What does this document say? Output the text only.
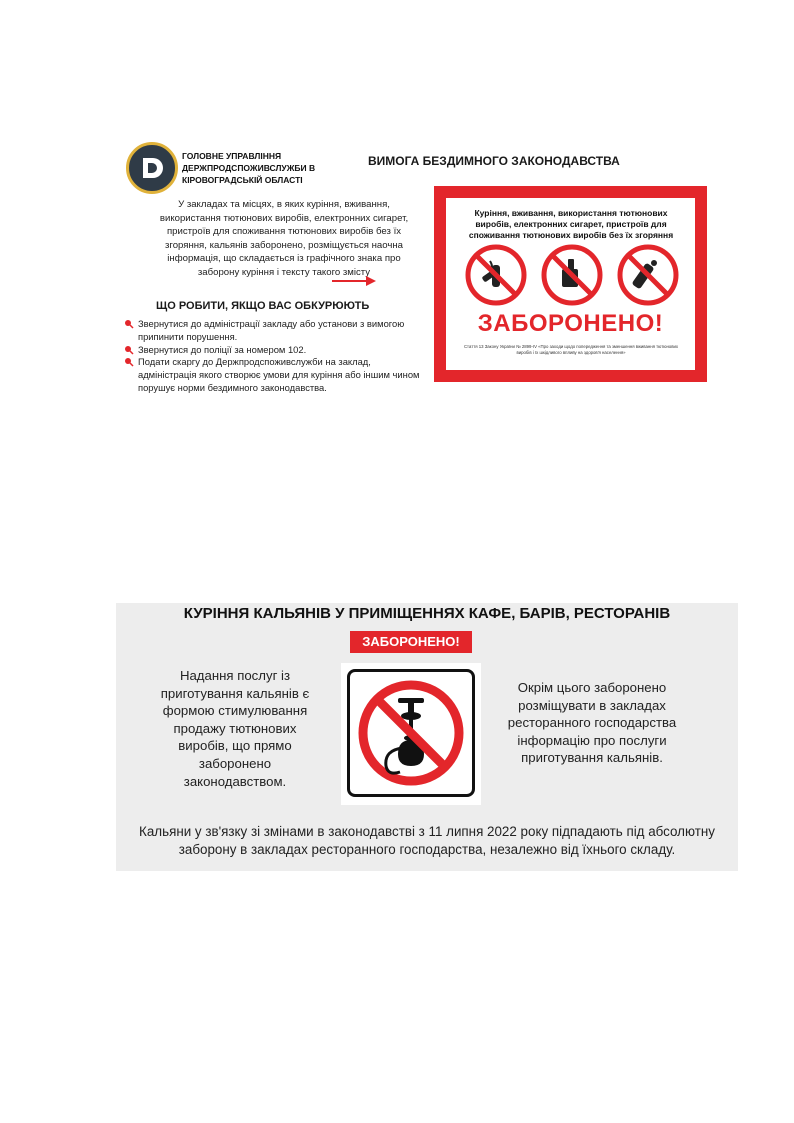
ГОЛОВНЕ УПРАВЛІННЯ ДЕРЖПРОДСПОЖИВСЛУЖБИ В КІРОВОГРАДСЬКІЙ ОБЛАСТІ
ВИМОГА БЕЗДИМНОГО ЗАКОНОДАВСТВА
У закладах та місцях, в яких куріння, вживання, використання тютюнових виробів, електронних сигарет, пристроїв для споживання тютюнових виробів без їх згоряння, кальянів заборонено, розміщується наочна інформація, що складається із графічного знака про заборону куріння і тексту такого змісту
ЩО РОБИТИ, ЯКЩО ВАС ОБКУРЮЮТЬ
Звернутися до адміністрації закладу або установи з вимогою припинити порушення.
Звернутися до поліції за номером 102.
Подати скаргу до Держпродспоживслужби на заклад, адміністрація якого створює умови для куріння або іншим чином порушує норми бездимного законодавства.
Куріння, вживання, використання тютюнових виробів, електронних сигарет, пристроїв для споживання тютюнових виробів без їх згоряння
ЗАБОРОНЕНО!
Стаття 13 Закону України № 2899-IV «Про заходи щодо попередження та зменшення вживання тютюнових виробів і їх шкідливого впливу на здоров'я населення»
КУРІННЯ КАЛЬЯНІВ У ПРИМІЩЕННЯХ КАФЕ, БАРІВ, РЕСТОРАНІВ
ЗАБОРОНЕНО!
Надання послуг із приготування кальянів є формою стимулювання продажу тютюнових виробів, що прямо заборонено законодавством.
Окрім цього заборонено розміщувати в закладах ресторанного господарства інформацію про послуги приготування кальянів.
Кальяни у зв'язку зі змінами в законодавстві з 11 липня 2022 року підпадають під абсолютну заборону в закладах ресторанного господарства, незалежно від їхнього складу.
